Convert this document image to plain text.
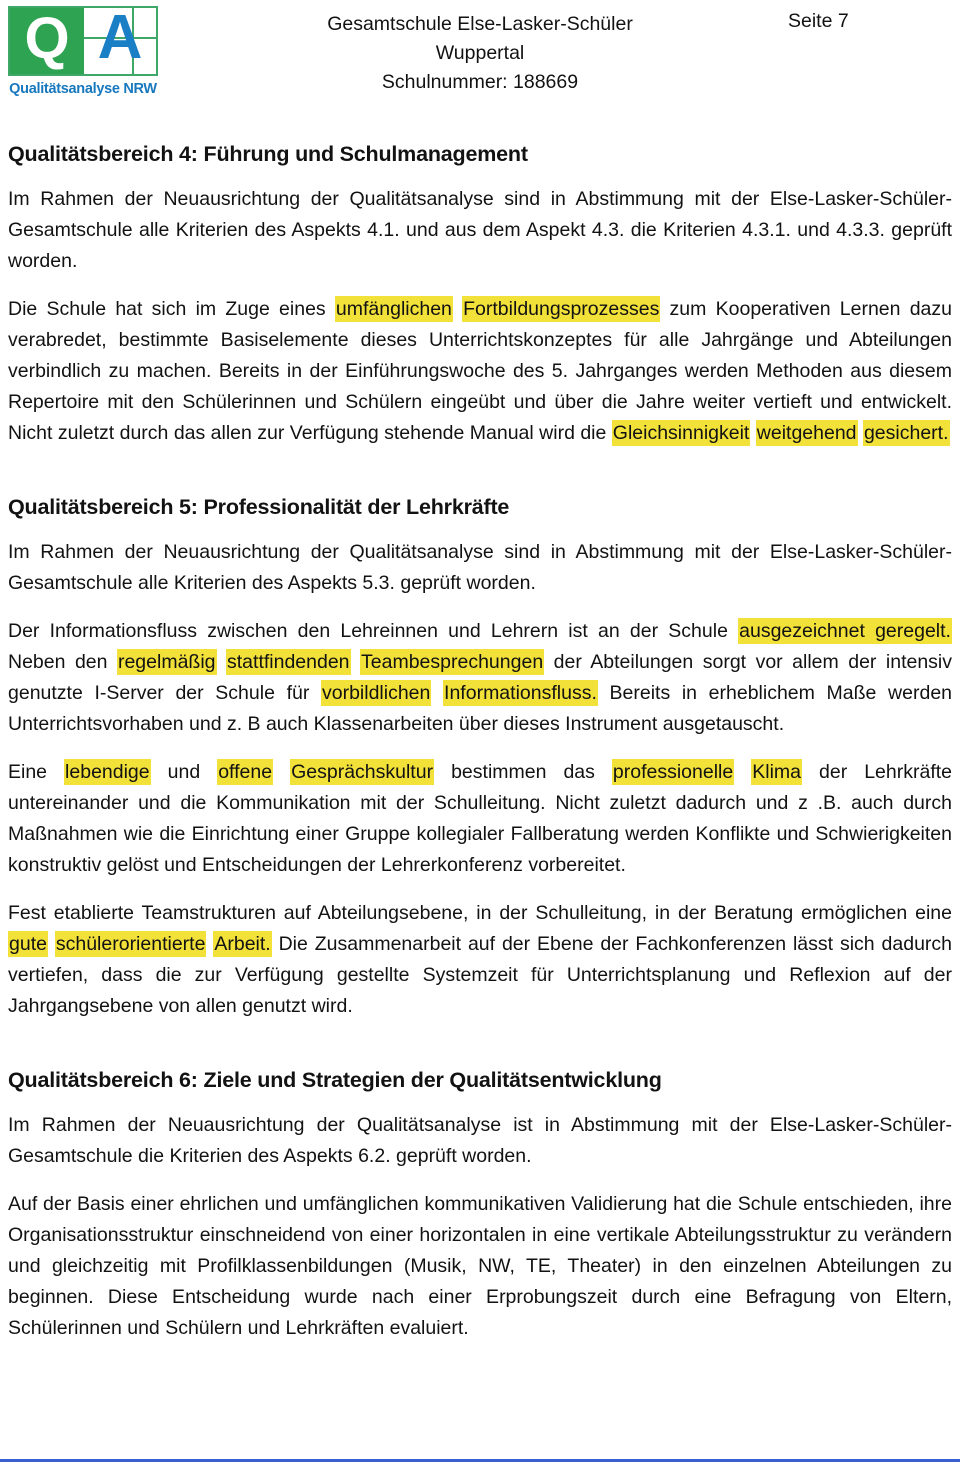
Q A
Qualitätsanalyse NRW
Gesamtschule Else-Lasker-Schüler
Wuppertal
Schulnummer: 188669
Seite 7
Qualitätsbereich 4: Führung und Schulmanagement

Im Rahmen der Neuausrichtung der Qualitätsanalyse sind in Abstimmung mit der Else-Lasker-Schüler-Gesamtschule alle Kriterien des Aspekts 4.1. und aus dem Aspekt 4.3. die Kriterien 4.3.1. und 4.3.3. geprüft worden.

Die Schule hat sich im Zuge eines umfänglichen Fortbildungsprozesses zum Kooperativen Lernen dazu verabredet, bestimmte Basiselemente dieses Unterrichtskonzeptes für alle Jahrgänge und Abteilungen verbindlich zu machen. Bereits in der Einführungswoche des 5. Jahrganges werden Methoden aus diesem Repertoire mit den Schülerinnen und Schülern eingeübt und über die Jahre weiter vertieft und entwickelt. Nicht zuletzt durch das allen zur Verfügung stehende Manual wird die Gleichsinnigkeit weitgehend gesichert.

Qualitätsbereich 5: Professionalität der Lehrkräfte

Im Rahmen der Neuausrichtung der Qualitätsanalyse sind in Abstimmung mit der Else-Lasker-Schüler-Gesamtschule alle Kriterien des Aspekts 5.3. geprüft worden.

Der Informationsfluss zwischen den Lehreinnen und Lehrern ist an der Schule ausgezeichnet geregelt. Neben den regelmäßig stattfindenden Teambesprechungen der Abteilungen sorgt vor allem der intensiv genutzte I-Server der Schule für vorbildlichen Informationsfluss. Bereits in erheblichem Maße werden Unterrichtsvorhaben und z. B auch Klassenarbeiten über dieses Instrument ausgetauscht.

Eine lebendige und offene Gesprächskultur bestimmen das professionelle Klima der Lehrkräfte untereinander und die Kommunikation mit der Schulleitung. Nicht zuletzt dadurch und z .B. auch durch Maßnahmen wie die Einrichtung einer Gruppe kollegialer Fallberatung werden Konflikte und Schwierigkeiten konstruktiv gelöst und Entscheidungen der Lehrerkonferenz vorbereitet.

Fest etablierte Teamstrukturen auf Abteilungsebene, in der Schulleitung, in der Beratung ermöglichen eine gute schülerorientierte Arbeit. Die Zusammenarbeit auf der Ebene der Fachkonferenzen lässt sich dadurch vertiefen, dass die zur Verfügung gestellte Systemzeit für Unterrichtsplanung und Reflexion auf der Jahrgangsebene von allen genutzt wird.

Qualitätsbereich 6: Ziele und Strategien der Qualitätsentwicklung

Im Rahmen der Neuausrichtung der Qualitätsanalyse ist in Abstimmung mit der Else-Lasker-Schüler-Gesamtschule die Kriterien des Aspekts 6.2. geprüft worden.

Auf der Basis einer ehrlichen und umfänglichen kommunikativen Validierung hat die Schule entschieden, ihre Organisationsstruktur einschneidend von einer horizontalen in eine vertikale Abteilungsstruktur zu verändern und gleichzeitig mit Profilklassenbildungen (Musik, NW, TE, Theater) in den einzelnen Abteilungen zu beginnen. Diese Entscheidung wurde nach einer Erprobungszeit durch eine Befragung von Eltern, Schülerinnen und Schülern und Lehrkräften evaluiert.
